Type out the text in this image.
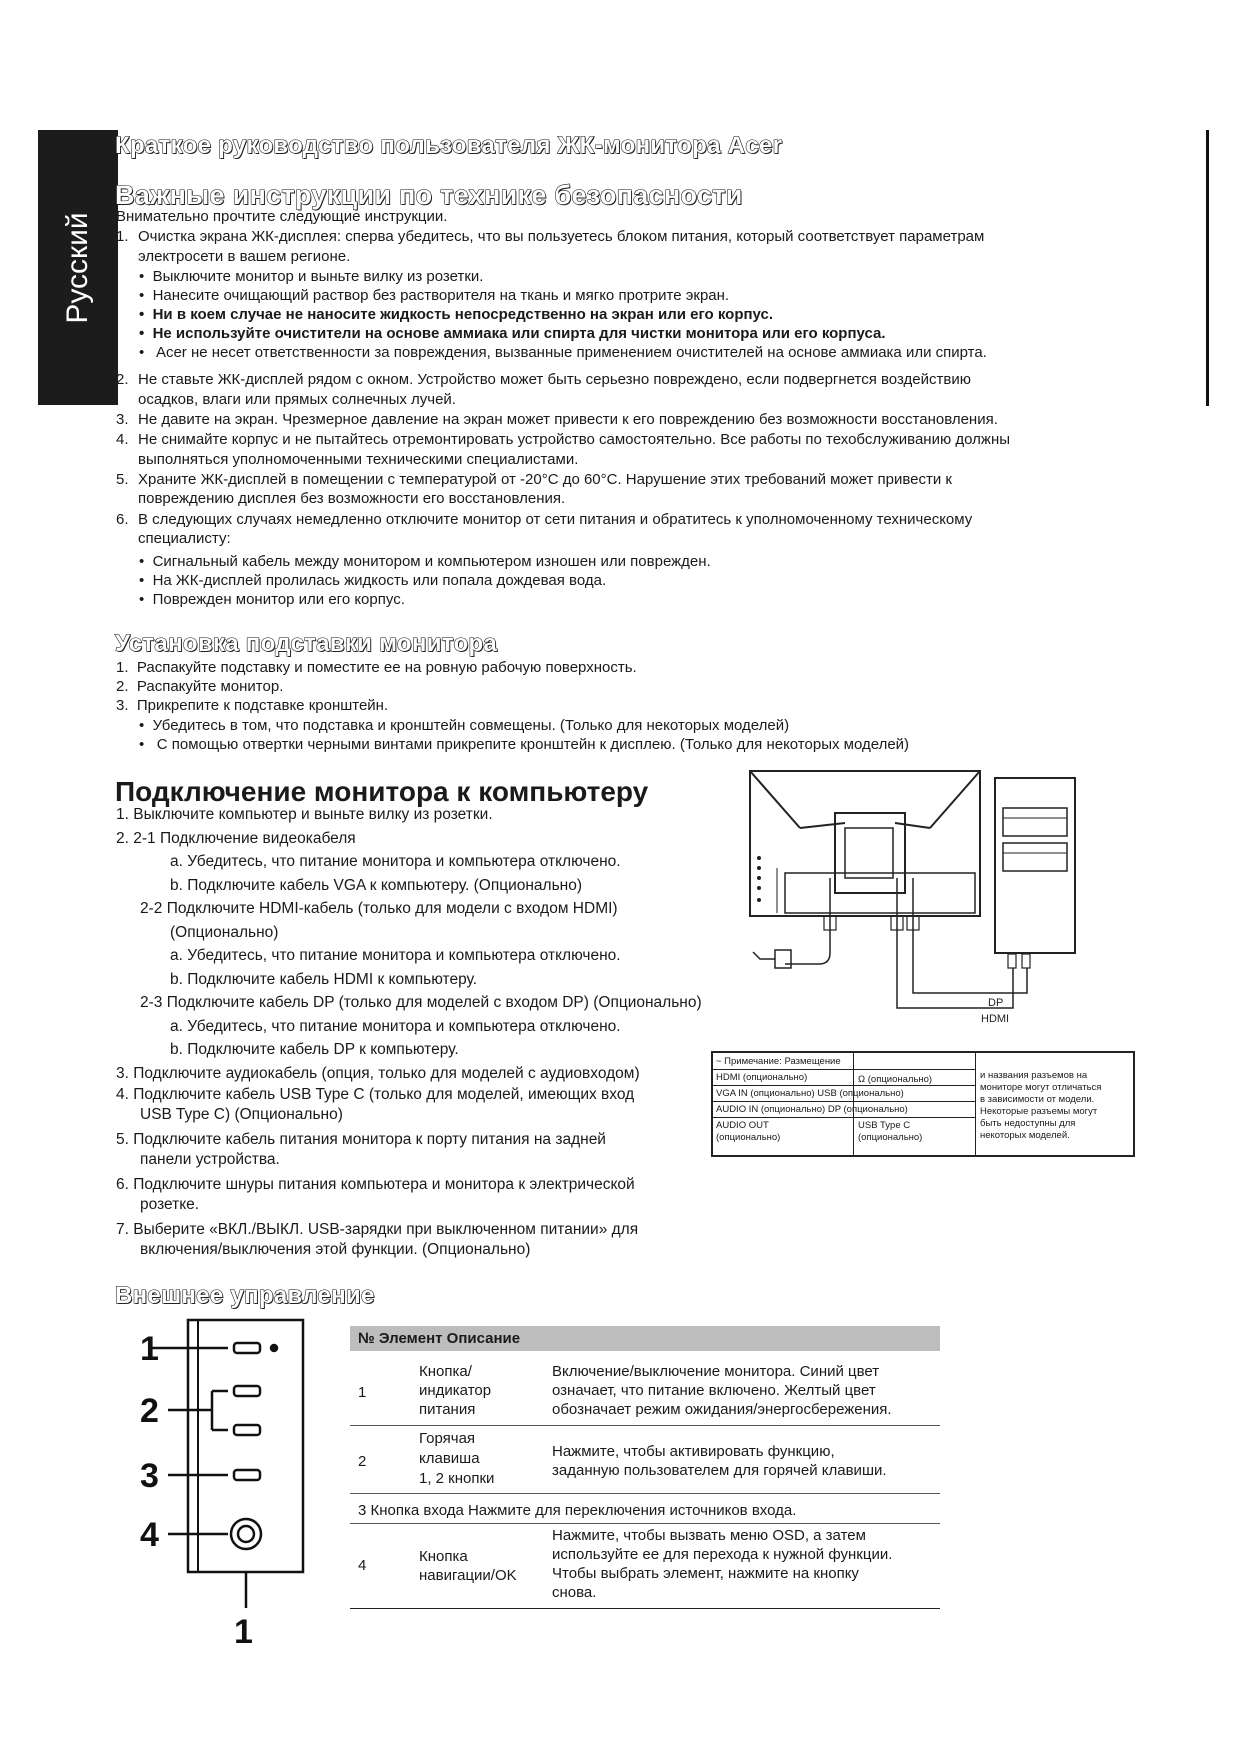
Русский
Краткое руководство пользователя ЖК-монитора Acer
Важные инструкции по технике безопасности
Внимательно прочтите следующие инструкции.
1. Очистка экрана ЖК-дисплея: сперва убедитесь, что вы пользуетесь блоком питания, который соответствует параметрам
электросети в вашем регионе.
•  Выключите монитор и выньте вилку из розетки.
•  Нанесите очищающий раствор без растворителя на ткань и мягко протрите экран.
•  Ни в коем случае не наносите жидкость непосредственно на экран или его корпус.
•  Не используйте очистители на основе аммиака или спирта для чистки монитора или его корпуса.
•   Acer не несет ответственности за повреждения, вызванные применением очистителей на основе аммиака или спирта.
2. Не ставьте ЖК-дисплей рядом с окном. Устройство может быть серьезно повреждено, если подвергнется воздействию
осадков, влаги или прямых солнечных лучей.
3. Не давите на экран. Чрезмерное давление на экран может привести к его повреждению без возможности восстановления.
4. Не снимайте корпус и не пытайтесь отремонтировать устройство самостоятельно. Все работы по техобслуживанию должны
выполняться уполномоченными техническими специалистами.
5. Храните ЖК-дисплей в помещении с температурой от -20°C до 60°C. Нарушение этих требований может привести к
повреждению дисплея без возможности его восстановления.
6. В следующих случаях немедленно отключите монитор от сети питания и обратитесь к уполномоченному техническому
специалисту:
•  Сигнальный кабель между монитором и компьютером изношен или поврежден.
•  На ЖК-дисплей пролилась жидкость или попала дождевая вода.
•  Поврежден монитор или его корпус.
Установка подставки монитора
1. Распакуйте подставку и поместите ее на ровную рабочую поверхность.
2. Распакуйте монитор.
3. Прикрепите к подставке кронштейн.
•  Убедитесь в том, что подставка и кронштейн совмещены. (Только для некоторых моделей)
•   С помощью отвертки черными винтами прикрепите кронштейн к дисплею. (Только для некоторых моделей)
Подключение монитора к компьютеру
1. Выключите компьютер и выньте вилку из розетки.
2. 2-1 Подключение видеокабеля
a. Убедитесь, что питание монитора и компьютера отключено.
b. Подключите кабель VGA к компьютеру. (Опционально)
2-2 Подключите HDMI-кабель (только для модели с входом HDMI)
(Опционально)
a. Убедитесь, что питание монитора и компьютера отключено.
b. Подключите кабель HDMI к компьютеру.
2-3 Подключите кабель DP (только для моделей с входом DP) (Опционально)
a. Убедитесь, что питание монитора и компьютера отключено.
b. Подключите кабель DP к компьютеру.
3. Подключите аудиокабель (опция, только для моделей с аудиовходом)
4. Подключите кабель USB Type C (только для моделей, имеющих вход
USB Type C) (Опционально)
5. Подключите кабель питания монитора к порту питания на задней
панели устройства.
6. Подключите шнуры питания компьютера и монитора к электрической
розетке.
7. Выберите «ВКЛ./ВЫКЛ. USB-зарядки при выключенном питании» для
включения/выключения этой функции. (Опционально)
DP
HDMI
~ Примечание: Размещение
HDMI (опционально)
VGA IN (опционально) USB (опционально)
AUDIO IN (опционально) DP (опционально)
AUDIO OUT
(опционально)
Ω (опционально)
USB Type C
(опционально)
и названия разъемов на
мониторе могут отличаться
в зависимости от модели.
Некоторые разъемы могут
быть недоступны для
некоторых моделей.
Внешнее управление
1
2
3
4
1
№ Элемент Описание
1
Кнопка/
индикатор
питания
Включение/выключение монитора. Синий цвет
означает, что питание включено. Желтый цвет
обозначает режим ожидания/энергосбережения.
2
Горячая
клавиша
1, 2 кнопки
Нажмите, чтобы активировать функцию,
заданную пользователем для горячей клавиши.
3 Кнопка входа Нажмите для переключения источников входа.
4
Кнопка
навигации/OK
Нажмите, чтобы вызвать меню OSD, а затем
используйте ее для перехода к нужной функции.
Чтобы выбрать элемент, нажмите на кнопку
снова.
